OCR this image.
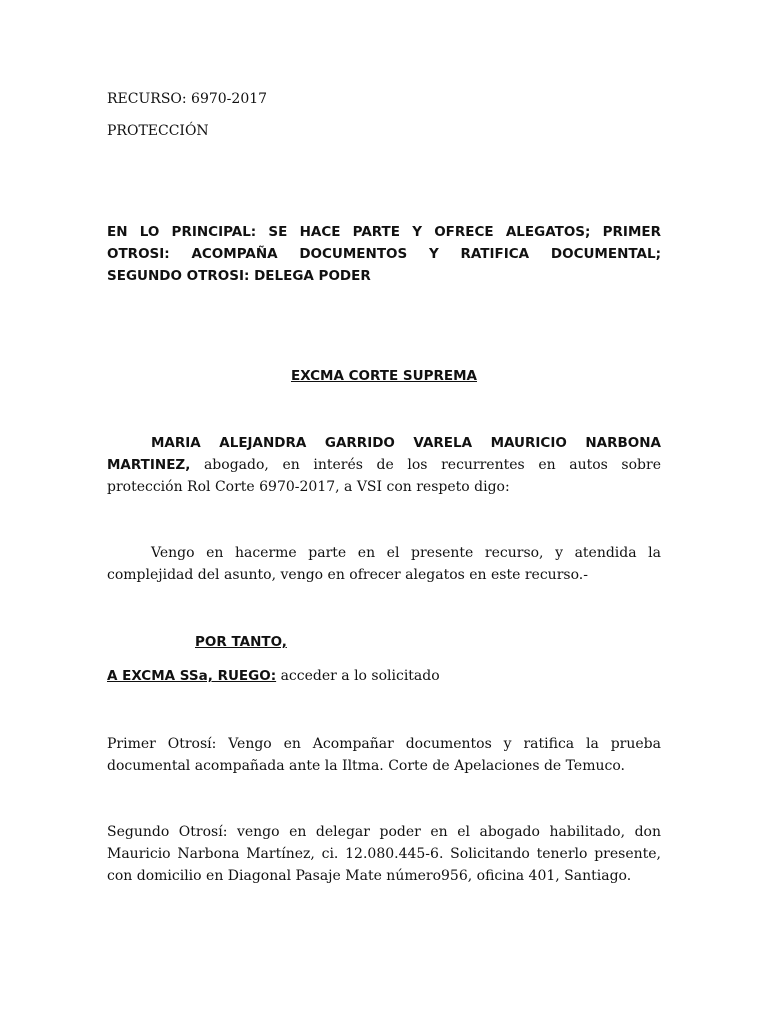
RECURSO: 6970-2017
PROTECCIÓN
EN LO PRINCIPAL: SE HACE PARTE Y OFRECE ALEGATOS; PRIMER
OTROSI: ACOMPAÑA DOCUMENTOS Y RATIFICA DOCUMENTAL;
SEGUNDO OTROSI: DELEGA PODER
EXCMA CORTE SUPREMA
MARIA ALEJANDRA GARRIDO VARELA MAURICIO NARBONA
MARTINEZ, abogado, en interés de los recurrentes en autos sobre
protección Rol Corte 6970-2017, a VSI con respeto digo:
Vengo en hacerme parte en el presente recurso, y atendida la
complejidad del asunto, vengo en ofrecer alegatos en este recurso.-
POR TANTO,
A EXCMA SSa, RUEGO: acceder a lo solicitado
Primer Otrosí: Vengo en Acompañar documentos y ratifica la prueba
documental acompañada ante la Iltma. Corte de Apelaciones de Temuco.
Segundo Otrosí: vengo en delegar poder en el abogado habilitado, don
Mauricio Narbona Martínez, ci. 12.080.445-6. Solicitando tenerlo presente,
con domicilio en Diagonal Pasaje Mate número956, oficina 401, Santiago.
